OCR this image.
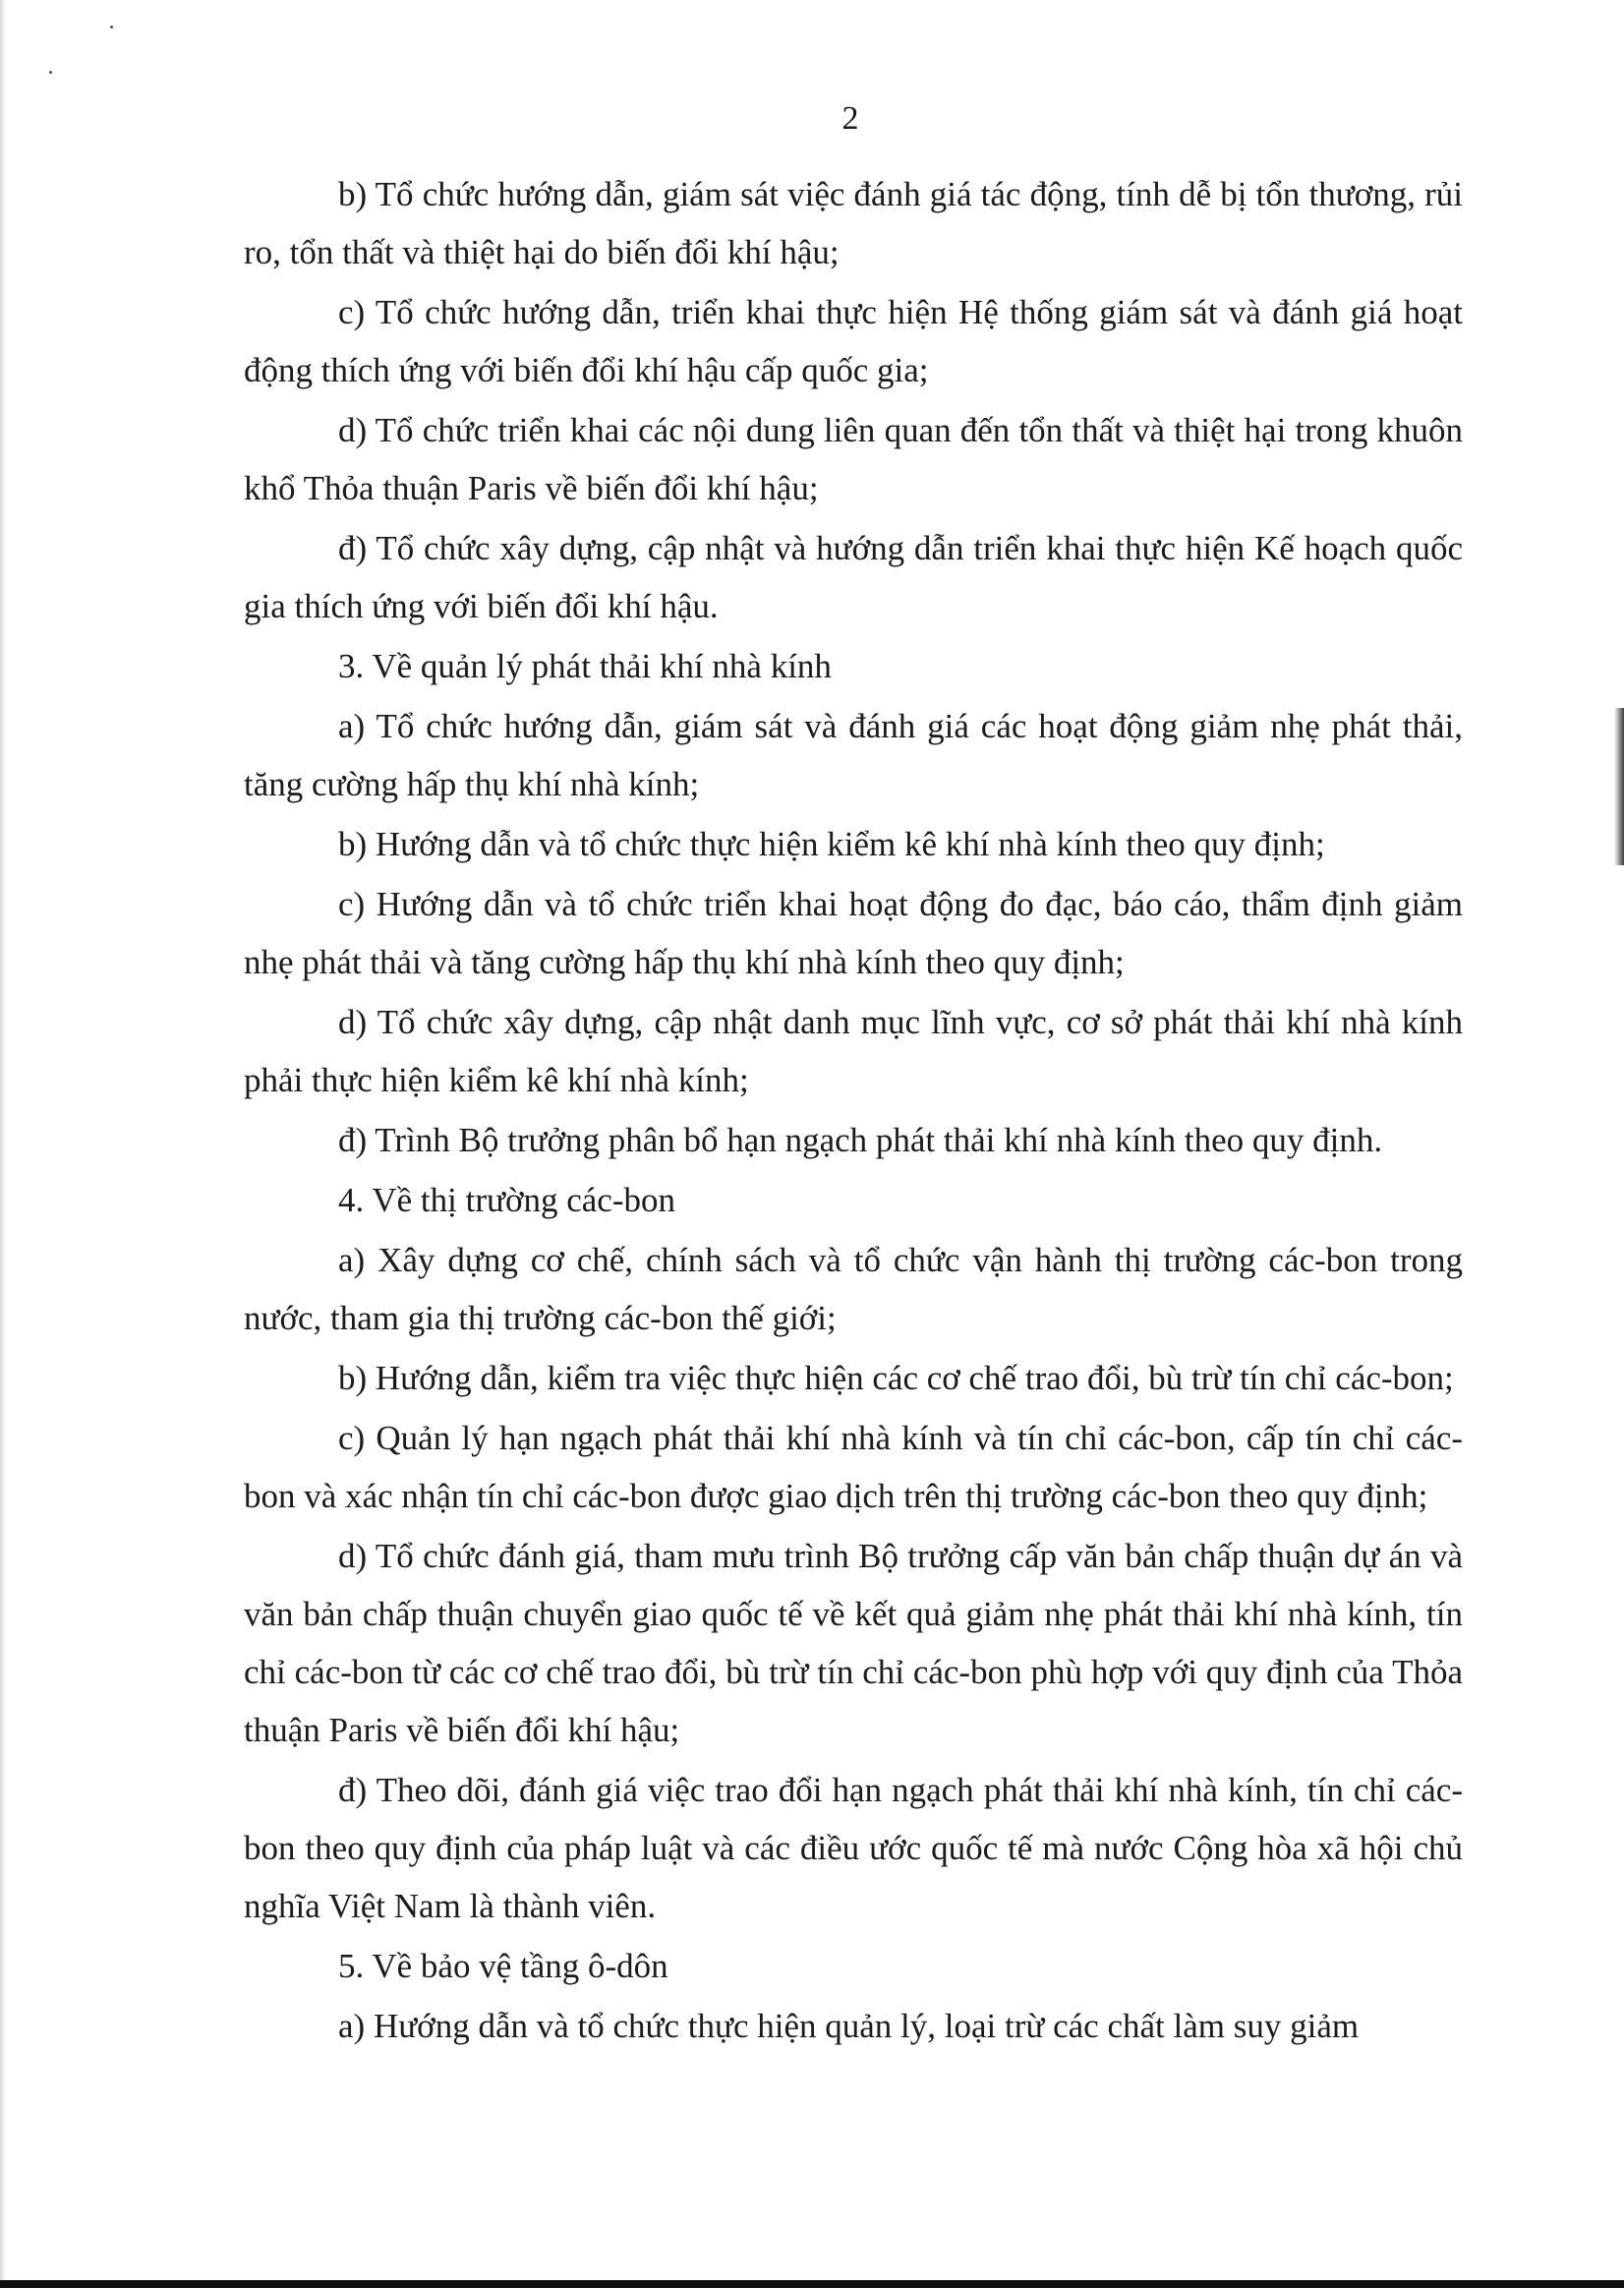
2

b) Tổ chức hướng dẫn, giám sát việc đánh giá tác động, tính dễ bị tổn thương, rủi ro, tổn thất và thiệt hại do biến đổi khí hậu;

c) Tổ chức hướng dẫn, triển khai thực hiện Hệ thống giám sát và đánh giá hoạt động thích ứng với biến đổi khí hậu cấp quốc gia;

d) Tổ chức triển khai các nội dung liên quan đến tổn thất và thiệt hại trong khuôn khổ Thỏa thuận Paris về biến đổi khí hậu;

đ) Tổ chức xây dựng, cập nhật và hướng dẫn triển khai thực hiện Kế hoạch quốc gia thích ứng với biến đổi khí hậu.

3. Về quản lý phát thải khí nhà kính

a) Tổ chức hướng dẫn, giám sát và đánh giá các hoạt động giảm nhẹ phát thải, tăng cường hấp thụ khí nhà kính;

b) Hướng dẫn và tổ chức thực hiện kiểm kê khí nhà kính theo quy định;

c) Hướng dẫn và tổ chức triển khai hoạt động đo đạc, báo cáo, thẩm định giảm nhẹ phát thải và tăng cường hấp thụ khí nhà kính theo quy định;

d) Tổ chức xây dựng, cập nhật danh mục lĩnh vực, cơ sở phát thải khí nhà kính phải thực hiện kiểm kê khí nhà kính;

đ) Trình Bộ trưởng phân bổ hạn ngạch phát thải khí nhà kính theo quy định.

4. Về thị trường các-bon

a) Xây dựng cơ chế, chính sách và tổ chức vận hành thị trường các-bon trong nước, tham gia thị trường các-bon thế giới;

b) Hướng dẫn, kiểm tra việc thực hiện các cơ chế trao đổi, bù trừ tín chỉ các-bon;

c) Quản lý hạn ngạch phát thải khí nhà kính và tín chỉ các-bon, cấp tín chỉ các-bon và xác nhận tín chỉ các-bon được giao dịch trên thị trường các-bon theo quy định;

d) Tổ chức đánh giá, tham mưu trình Bộ trưởng cấp văn bản chấp thuận dự án và văn bản chấp thuận chuyển giao quốc tế về kết quả giảm nhẹ phát thải khí nhà kính, tín chỉ các-bon từ các cơ chế trao đổi, bù trừ tín chỉ các-bon phù hợp với quy định của Thỏa thuận Paris về biến đổi khí hậu;

đ) Theo dõi, đánh giá việc trao đổi hạn ngạch phát thải khí nhà kính, tín chỉ các-bon theo quy định của pháp luật và các điều ước quốc tế mà nước Cộng hòa xã hội chủ nghĩa Việt Nam là thành viên.

5. Về bảo vệ tầng ô-dôn

a) Hướng dẫn và tổ chức thực hiện quản lý, loại trừ các chất làm suy giảm
